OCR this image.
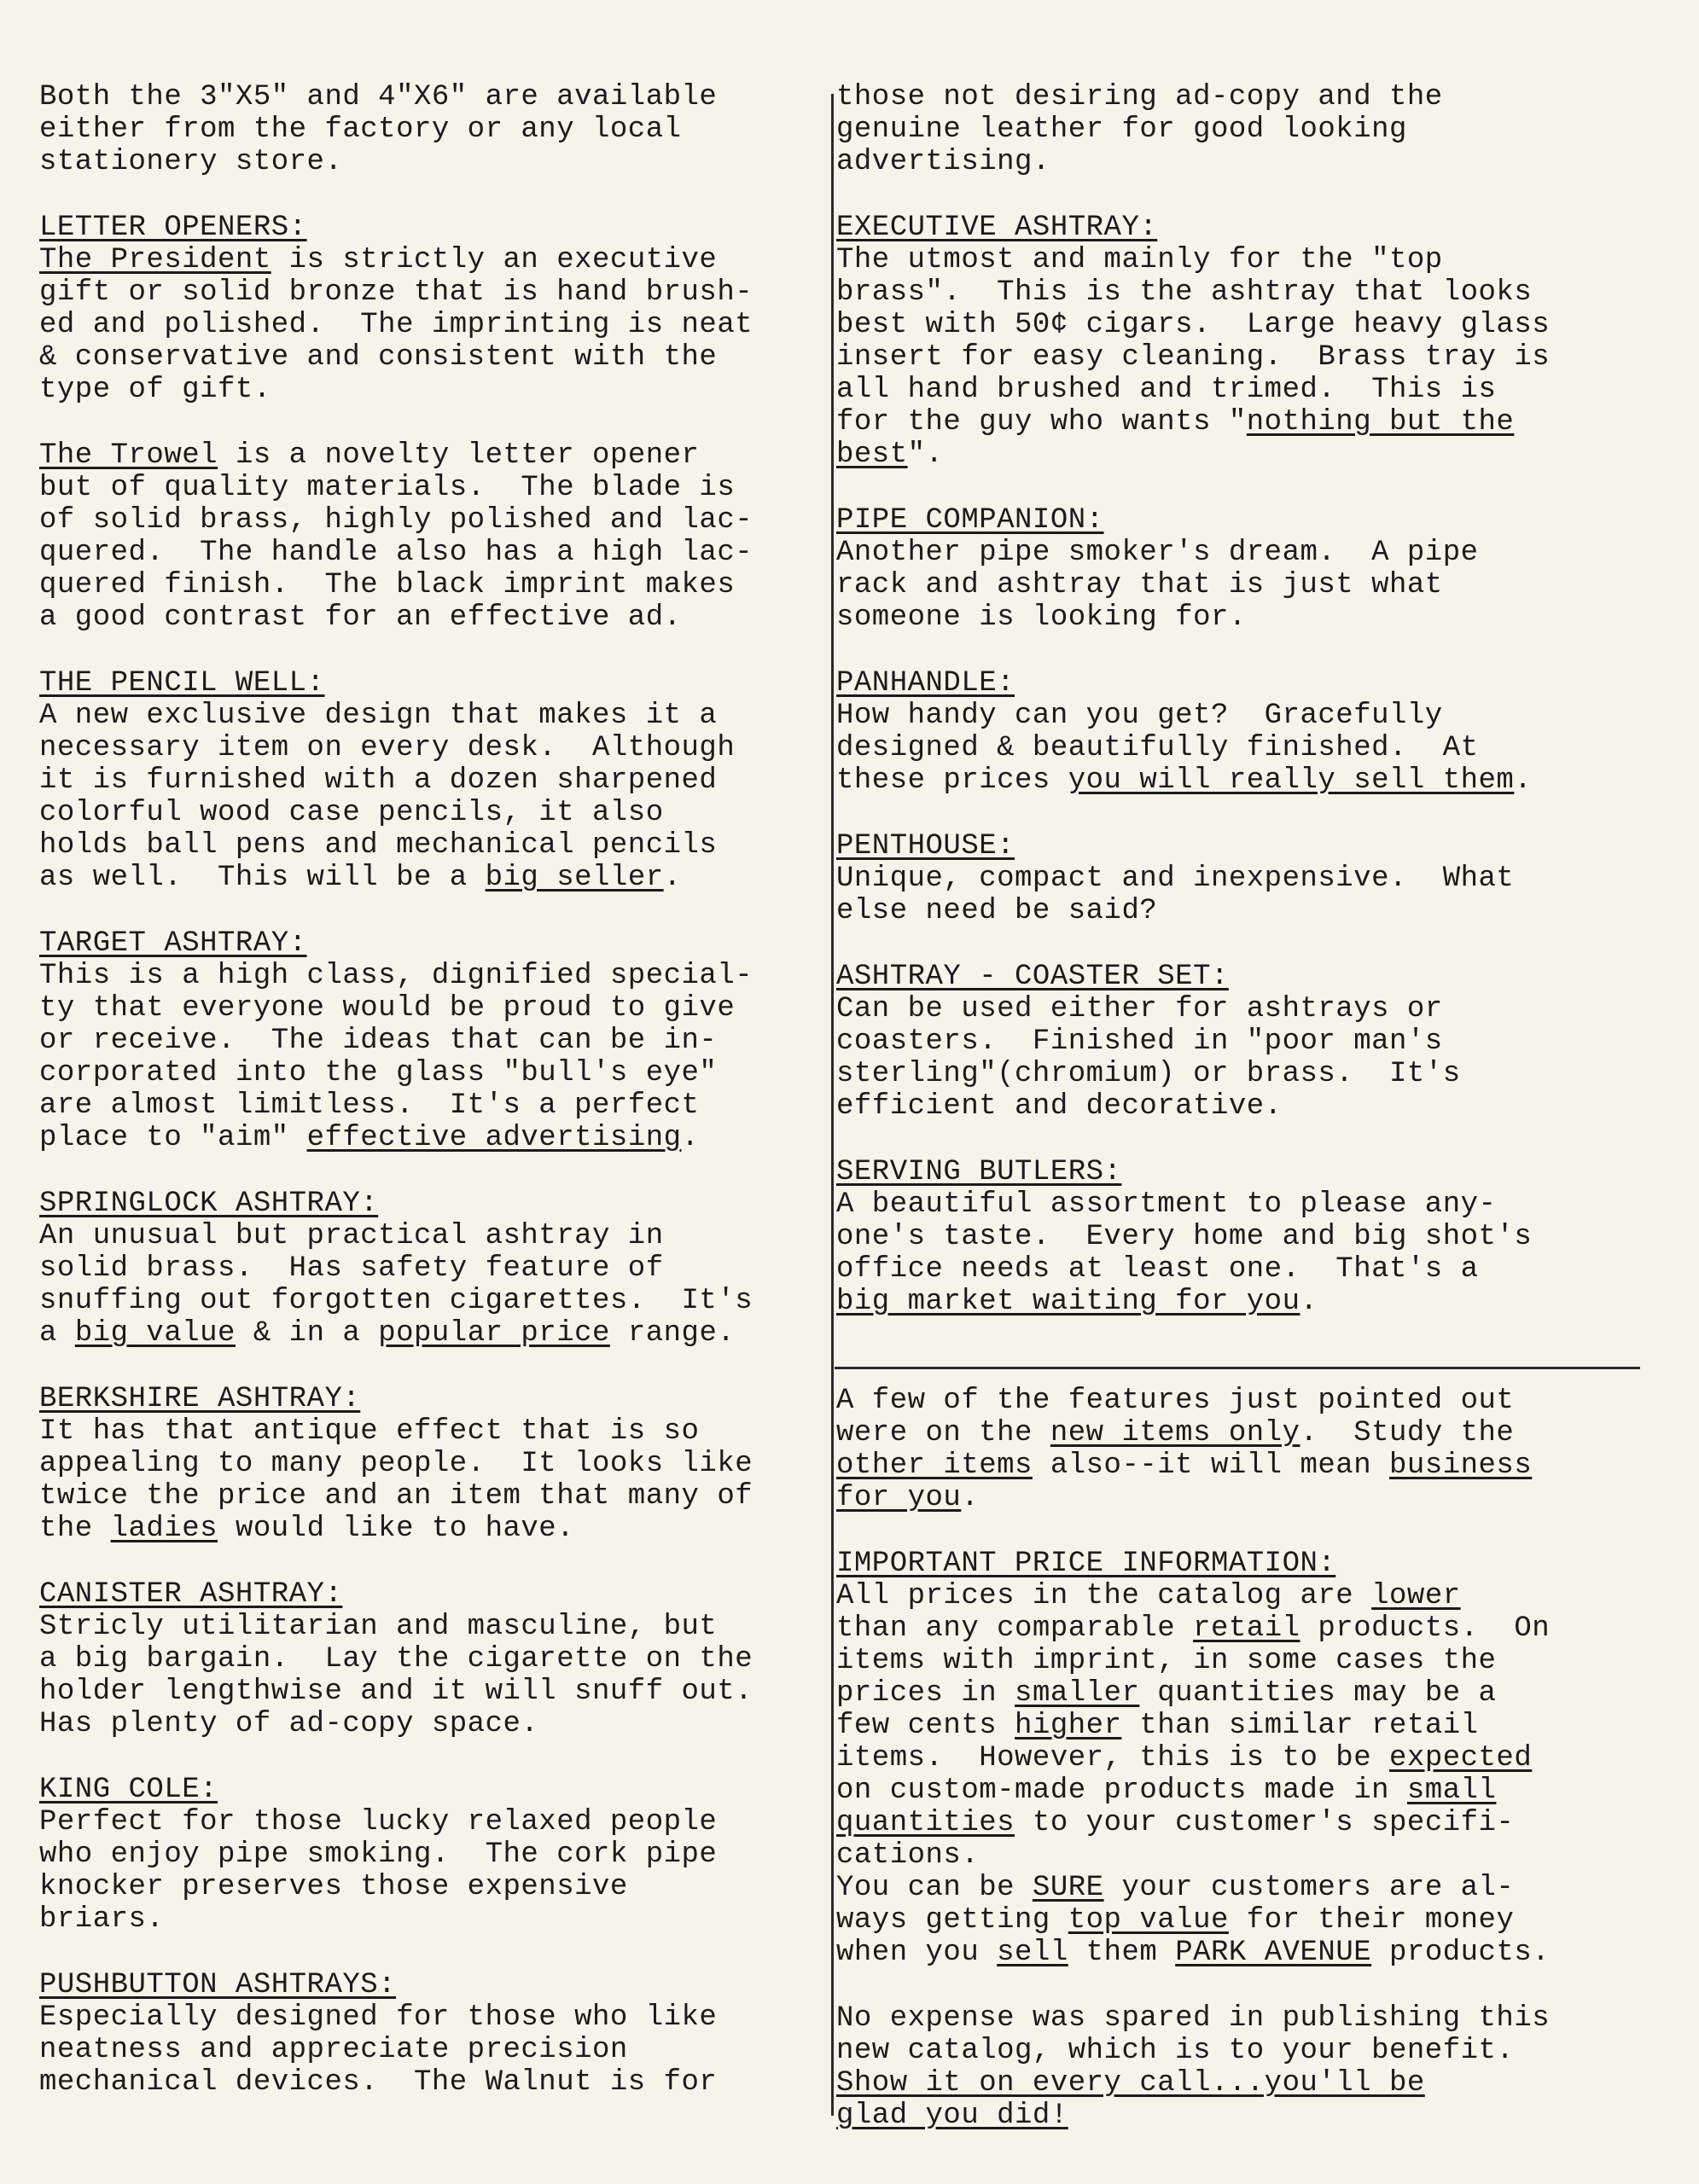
Both the 3"X5" and 4"X6" are available
either from the factory or any local
stationery store.
LETTER OPENERS:
The President is strictly an executive
gift or solid bronze that is hand brush-
ed and polished.  The imprinting is neat
& conservative and consistent with the
type of gift.
The Trowel is a novelty letter opener
but of quality materials.  The blade is
of solid brass, highly polished and lac-
quered.  The handle also has a high lac-
quered finish.  The black imprint makes
a good contrast for an effective ad.
THE PENCIL WELL:
A new exclusive design that makes it a
necessary item on every desk.  Although
it is furnished with a dozen sharpened
colorful wood case pencils, it also
holds ball pens and mechanical pencils
as well.  This will be a big seller.
TARGET ASHTRAY:
This is a high class, dignified special-
ty that everyone would be proud to give
or receive.  The ideas that can be in-
corporated into the glass "bull's eye"
are almost limitless.  It's a perfect
place to "aim" effective advertising.
SPRINGLOCK ASHTRAY:
An unusual but practical ashtray in
solid brass.  Has safety feature of
snuffing out forgotten cigarettes.  It's
a big value & in a popular price range.
BERKSHIRE ASHTRAY:
It has that antique effect that is so
appealing to many people.  It looks like
twice the price and an item that many of
the ladies would like to have.
CANISTER ASHTRAY:
Stricly utilitarian and masculine, but
a big bargain.  Lay the cigarette on the
holder lengthwise and it will snuff out.
Has plenty of ad-copy space.
KING COLE:
Perfect for those lucky relaxed people
who enjoy pipe smoking.  The cork pipe
knocker preserves those expensive
briars.
PUSHBUTTON ASHTRAYS:
Especially designed for those who like
neatness and appreciate precision
mechanical devices.  The Walnut is for
those not desiring ad-copy and the
genuine leather for good looking
advertising.
EXECUTIVE ASHTRAY:
The utmost and mainly for the "top
brass".  This is the ashtray that looks
best with 50¢ cigars.  Large heavy glass
insert for easy cleaning.  Brass tray is
all hand brushed and trimed.  This is
for the guy who wants "nothing but the
best".
PIPE COMPANION:
Another pipe smoker's dream.  A pipe
rack and ashtray that is just what
someone is looking for.
PANHANDLE:
How handy can you get?  Gracefully
designed & beautifully finished.  At
these prices you will really sell them.
PENTHOUSE:
Unique, compact and inexpensive.  What
else need be said?
ASHTRAY - COASTER SET:
Can be used either for ashtrays or
coasters.  Finished in "poor man's
sterling"(chromium) or brass.  It's
efficient and decorative.
SERVING BUTLERS:
A beautiful assortment to please any-
one's taste.  Every home and big shot's
office needs at least one.  That's a
big market waiting for you.
A few of the features just pointed out
were on the new items only.  Study the
other items also--it will mean business
for you.
IMPORTANT PRICE INFORMATION:
All prices in the catalog are lower
than any comparable retail products.  On
items with imprint, in some cases the
prices in smaller quantities may be a
few cents higher than similar retail
items.  However, this is to be expected
on custom-made products made in small
quantities to your customer's specifi-
cations.
You can be SURE your customers are al-
ways getting top value for their money
when you sell them PARK AVENUE products.
No expense was spared in publishing this
new catalog, which is to your benefit.
Show it on every call...you'll be
glad you did!
